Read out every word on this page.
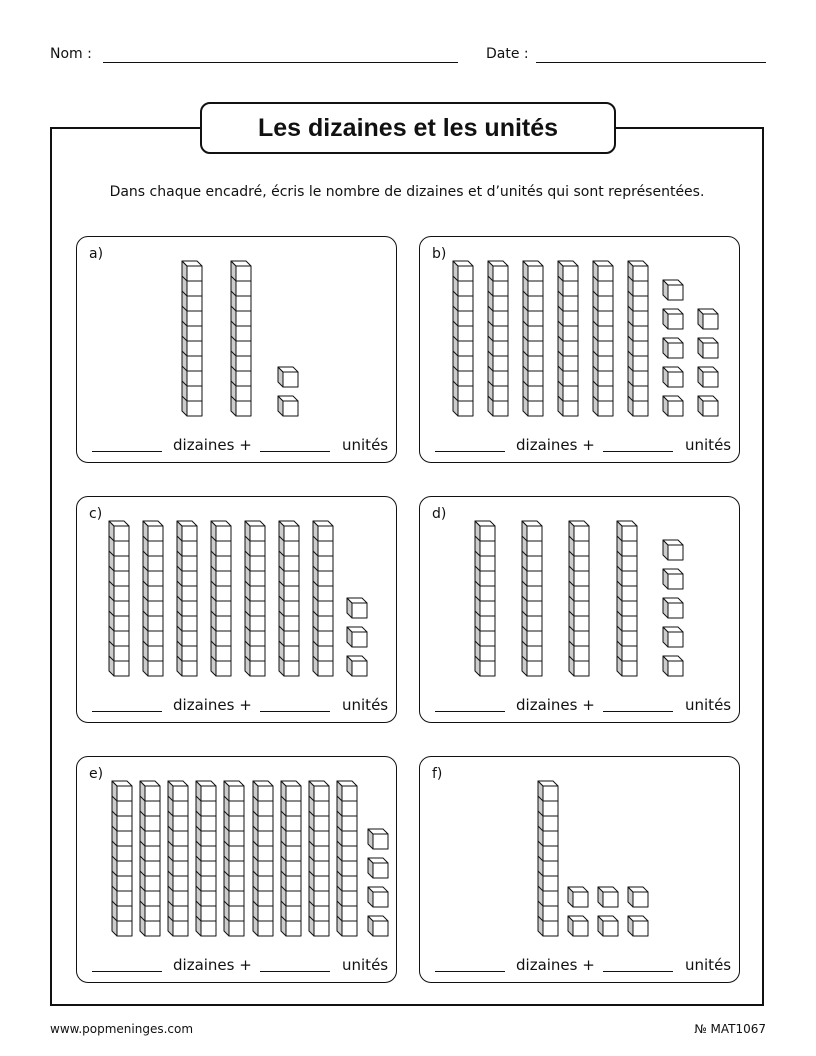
Nom :	Date :
Les dizaines et les unités
Dans chaque encadré, écris le nombre de dizaines et d’unités qui sont représentées.
a)
dizaines +	unités
b)
dizaines +	unités
c)
dizaines +	unités
d)
dizaines +	unités
e)
dizaines +	unités
f)
dizaines +	unités
www.popmeninges.com	№ MAT1067
